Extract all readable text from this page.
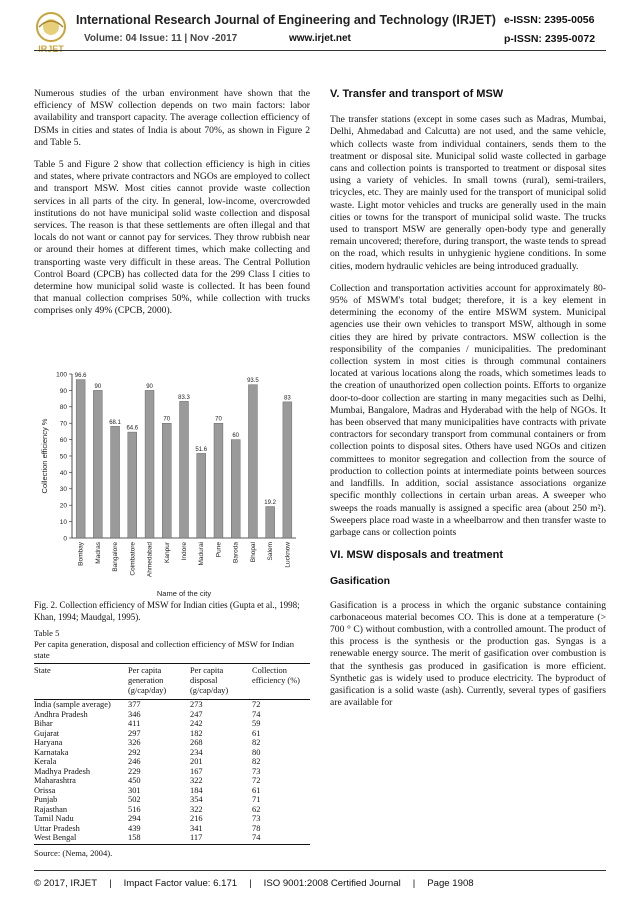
IRJET
International Research Journal of Engineering and Technology (IRJET) e-ISSN: 2395-0056
Volume: 04 Issue: 11 | Nov -2017	www.irjet.net	p-ISSN: 2395-0072

Numerous studies of the urban environment have shown that the efficiency of MSW collection depends on two main factors: labor availability and transport capacity. The average collection efficiency of DSMs in cities and states of India is about 70%, as shown in Figure 2 and Table 5.

Table 5 and Figure 2 show that collection efficiency is high in cities and states, where private contractors and NGOs are employed to collect and transport MSW. Most cities cannot provide waste collection services in all parts of the city. In general, low-income, overcrowded institutions do not have municipal solid waste collection and disposal services. The reason is that these settlements are often illegal and that locals do not want or cannot pay for services. They throw rubbish near or around their homes at different times, which make collecting and transporting waste very difficult in these areas. The Central Pollution Control Board (CPCB) has collected data for the 299 Class I cities to determine how municipal solid waste is collected. It has been found that manual collection comprises 50%, while collection with trucks comprises only 49% (CPCB, 2000).

0
10
20
30
40
50
60
70
80
90
100
Collection efficiency %
96.6
Bombay
90
Madras
68.1
Bangalore
64.6
Coimbatore
90
Ahmedabad
70
Kanpur
83.3
Indore
51.6
Madurai
70
Pune
60
Baroda
93.5
Bhopal
19.2
Salem
83
Lucknow
Name of the city
Fig. 2. Collection efficiency of MSW for Indian cities (Gupta et al., 1998; Khan, 1994; Maudgal, 1995).
Table 5
Per capita generation, disposal and collection efficiency of MSW for Indian state
State	Per capita generation (g/cap/day)	Per capita disposal (g/cap/day)	Collection efficiency (%)
India (sample average)	377	273	72
Andhra Pradesh	346	247	74
Bihar	411	242	59
Gujarat	297	182	61
Haryana	326	268	82
Karnataka	292	234	80
Kerala	246	201	82
Madhya Pradesh	229	167	73
Maharashtra	450	322	72
Orissa	301	184	61
Punjab	502	354	71
Rajasthan	516	322	62
Tamil Nadu	294	216	73
Uttar Pradesh	439	341	78
West Bengal	158	117	74
Source: (Nema, 2004).
V. Transfer and transport of MSW

The transfer stations (except in some cases such as Madras, Mumbai, Delhi, Ahmedabad and Calcutta) are not used, and the same vehicle, which collects waste from individual containers, sends them to the treatment or disposal site. Municipal solid waste collected in garbage cans and collection points is transported to treatment or disposal sites using a variety of vehicles. In small towns (rural), semi-trailers, tricycles, etc. They are mainly used for the transport of municipal solid waste. Light motor vehicles and trucks are generally used in the main cities or towns for the transport of municipal solid waste. The trucks used to transport MSW are generally open-body type and generally remain uncovered; therefore, during transport, the waste tends to spread on the road, which results in unhygienic hygiene conditions. In some cities, modern hydraulic vehicles are being introduced gradually.

Collection and transportation activities account for approximately 80-95% of MSWM's total budget; therefore, it is a key element in determining the economy of the entire MSWM system. Municipal agencies use their own vehicles to transport MSW, although in some cities they are hired by private contractors. MSW collection is the responsibility of the companies / municipalities. The predominant collection system in most cities is through communal containers located at various locations along the roads, which sometimes leads to the creation of unauthorized open collection points. Efforts to organize door-to-door collection are starting in many megacities such as Delhi, Mumbai, Bangalore, Madras and Hyderabad with the help of NGOs. It has been observed that many municipalities have contracts with private contractors for secondary transport from communal containers or from collection points to disposal sites. Others have used NGOs and citizen committees to monitor segregation and collection from the source of production to collection points at intermediate points between sources and landfills. In addition, social assistance associations organize specific monthly collections in certain urban areas. A sweeper who sweeps the roads manually is assigned a specific area (about 250 m²). Sweepers place road waste in a wheelbarrow and then transfer waste to garbage cans or collection points

VI. MSW disposals and treatment
Gasification

Gasification is a process in which the organic substance containing carbonaceous material becomes CO. This is done at a temperature (> 700 ° C) without combustion, with a controlled amount. The product of this process is the synthesis or the production gas. Syngas is a renewable energy source. The merit of gasification over combustion is that the synthesis gas produced in gasification is more efficient. Synthetic gas is widely used to produce electricity. The byproduct of gasification is a solid waste (ash). Currently, several types of gasifiers are available for

© 2017, IRJET | Impact Factor value: 6.171 | ISO 9001:2008 Certified Journal | Page 1908
